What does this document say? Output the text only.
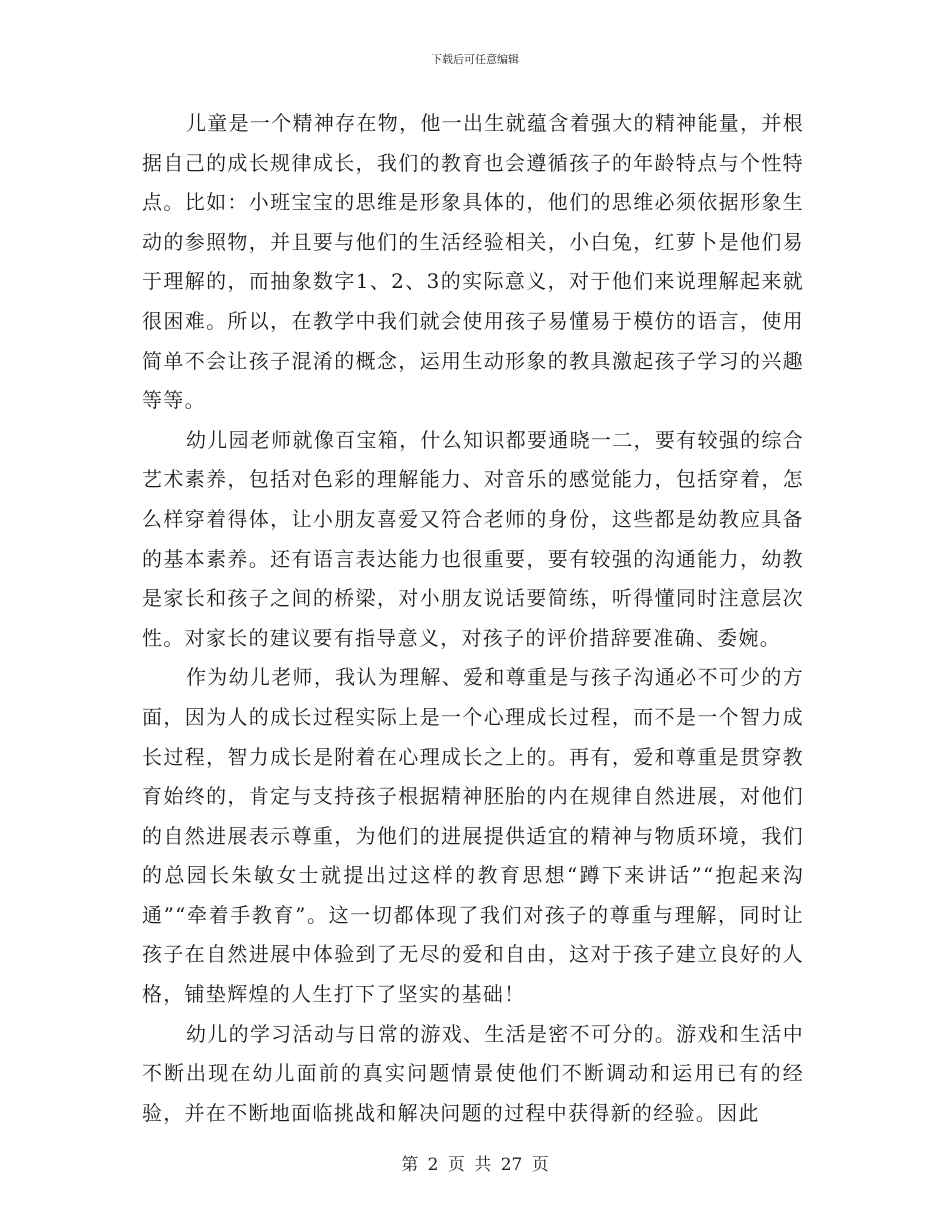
下载后可任意编辑

儿童是一个精神存在物，他一出生就蕴含着强大的精神能量，并根据自己的成长规律成长，我们的教育也会遵循孩子的年龄特点与个性特点。比如：小班宝宝的思维是形象具体的，他们的思维必须依据形象生动的参照物，并且要与他们的生活经验相关，小白兔，红萝卜是他们易于理解的，而抽象数字1、2、3的实际意义，对于他们来说理解起来就很困难。所以，在教学中我们就会使用孩子易懂易于模仿的语言，使用简单不会让孩子混淆的概念，运用生动形象的教具激起孩子学习的兴趣等等。

幼儿园老师就像百宝箱，什么知识都要通晓一二，要有较强的综合艺术素养，包括对色彩的理解能力、对音乐的感觉能力，包括穿着，怎么样穿着得体，让小朋友喜爱又符合老师的身份，这些都是幼教应具备的基本素养。还有语言表达能力也很重要，要有较强的沟通能力，幼教是家长和孩子之间的桥梁，对小朋友说话要简练，听得懂同时注意层次性。对家长的建议要有指导意义，对孩子的评价措辞要准确、委婉。

作为幼儿老师，我认为理解、爱和尊重是与孩子沟通必不可少的方面，因为人的成长过程实际上是一个心理成长过程，而不是一个智力成长过程，智力成长是附着在心理成长之上的。再有，爱和尊重是贯穿教育始终的，肯定与支持孩子根据精神胚胎的内在规律自然进展，对他们的自然进展表示尊重，为他们的进展提供适宜的精神与物质环境，我们的总园长朱敏女士就提出过这样的教育思想“蹲下来讲话”“抱起来沟通”“牵着手教育”。这一切都体现了我们对孩子的尊重与理解，同时让孩子在自然进展中体验到了无尽的爱和自由，这对于孩子建立良好的人格，铺垫辉煌的人生打下了坚实的基础！

幼儿的学习活动与日常的游戏、生活是密不可分的。游戏和生活中不断出现在幼儿面前的真实问题情景使他们不断调动和运用已有的经验，并在不断地面临挑战和解决问题的过程中获得新的经验。因此

第 2 页 共 27 页
